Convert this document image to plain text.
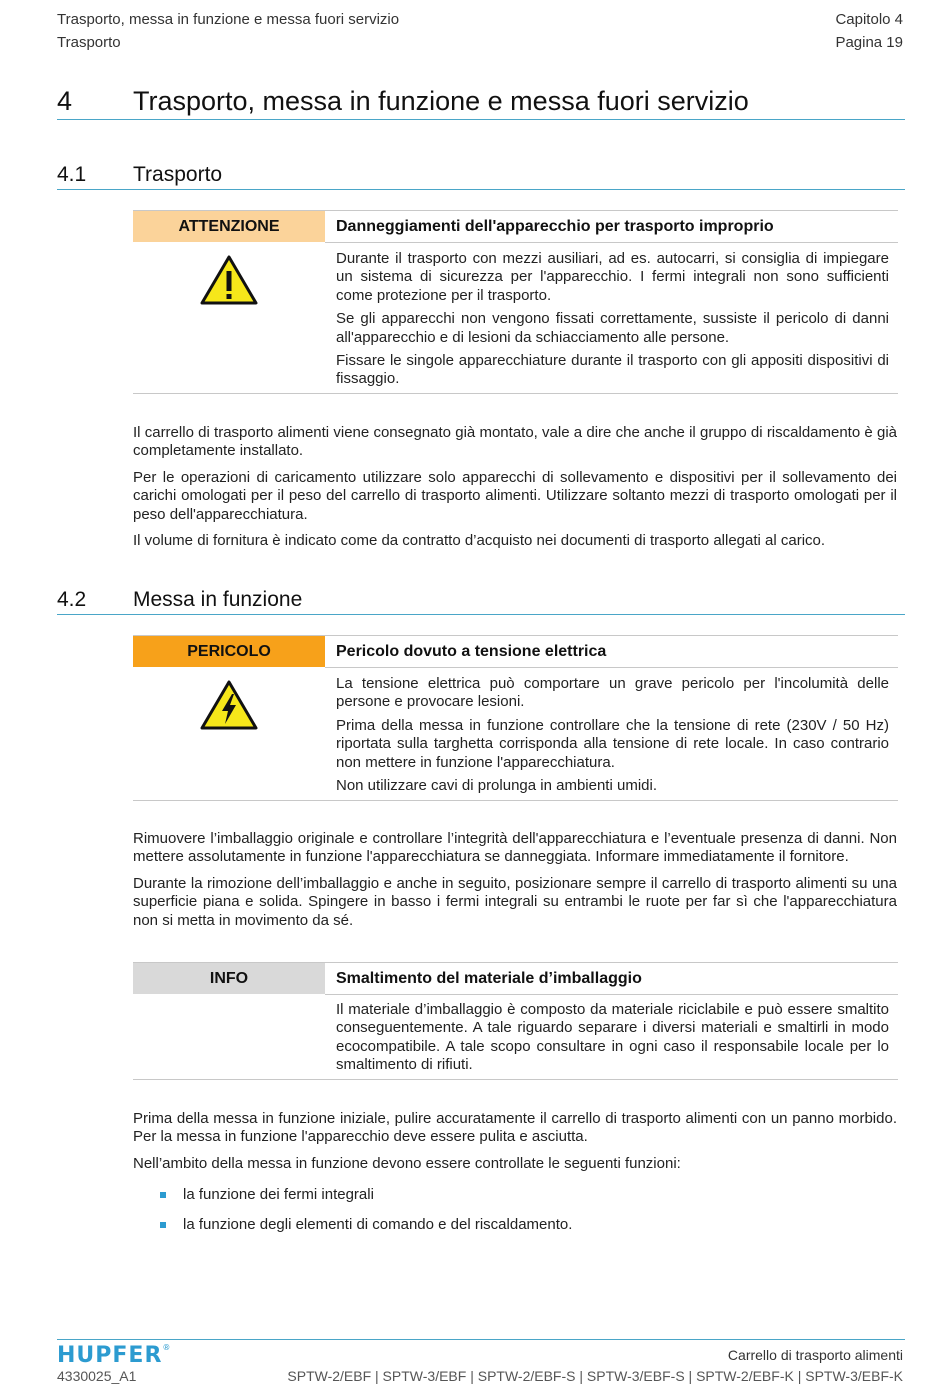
Trasporto, messa in funzione e messa fuori servizio
Trasporto
Capitolo 4
Pagina 19
4 Trasporto, messa in funzione e messa fuori servizio
4.1 Trasporto
ATTENZIONE	Danneggiamenti dell'apparecchio per trasporto improprio

Durante il trasporto con mezzi ausiliari, ad es. autocarri, si consiglia di impiegare un sistema di sicurezza per l'apparecchio. I fermi integrali non sono sufficienti come protezione per il trasporto.

Se gli apparecchi non vengono fissati correttamente, sussiste il pericolo di danni all'apparecchio e di lesioni da schiacciamento alle persone.

Fissare le singole apparecchiature durante il trasporto con gli appositi dispositivi di fissaggio.

Il carrello di trasporto alimenti viene consegnato già montato, vale a dire che anche il gruppo di riscaldamento è già completamente installato.

Per le operazioni di caricamento utilizzare solo apparecchi di sollevamento e dispositivi per il sollevamento dei carichi omologati per il peso del carrello di trasporto alimenti. Utilizzare soltanto mezzi di trasporto omologati per il peso dell'apparecchiatura.

Il volume di fornitura è indicato come da contratto d’acquisto nei documenti di trasporto allegati al carico.

4.2 Messa in funzione
PERICOLO	Pericolo dovuto a tensione elettrica

La tensione elettrica può comportare un grave pericolo per l'incolumità delle persone e provocare lesioni.

Prima della messa in funzione controllare che la tensione di rete (230V / 50 Hz) riportata sulla targhetta corrisponda alla tensione di rete locale. In caso contrario non mettere in funzione l'apparecchiatura.

Non utilizzare cavi di prolunga in ambienti umidi.

Rimuovere l’imballaggio originale e controllare l’integrità dell'apparecchiatura e l’eventuale presenza di danni. Non mettere assolutamente in funzione l'apparecchiatura se danneggiata. Informare immediatamente il fornitore.

Durante la rimozione dell’imballaggio e anche in seguito, posizionare sempre il carrello di trasporto alimenti su una superficie piana e solida. Spingere in basso i fermi integrali su entrambi le ruote per far sì che l'apparecchiatura non si metta in movimento da sé.

INFO	Smaltimento del materiale d’imballaggio

Il materiale d’imballaggio è composto da materiale riciclabile e può essere smaltito conseguentemente. A tale riguardo separare i diversi materiali e smaltirli in modo ecocompatibile. A tale scopo consultare in ogni caso il responsabile locale per lo smaltimento di rifiuti.

Prima della messa in funzione iniziale, pulire accuratamente il carrello di trasporto alimenti con un panno morbido. Per la messa in funzione l'apparecchio deve essere pulita e asciutta.

Nell’ambito della messa in funzione devono essere controllate le seguenti funzioni:

la funzione dei fermi integrali
la funzione degli elementi di comando e del riscaldamento.
HUPFER®
4330025_A1
Carrello di trasporto alimenti
SPTW-2/EBF | SPTW-3/EBF | SPTW-2/EBF-S | SPTW-3/EBF-S | SPTW-2/EBF-K | SPTW-3/EBF-K
